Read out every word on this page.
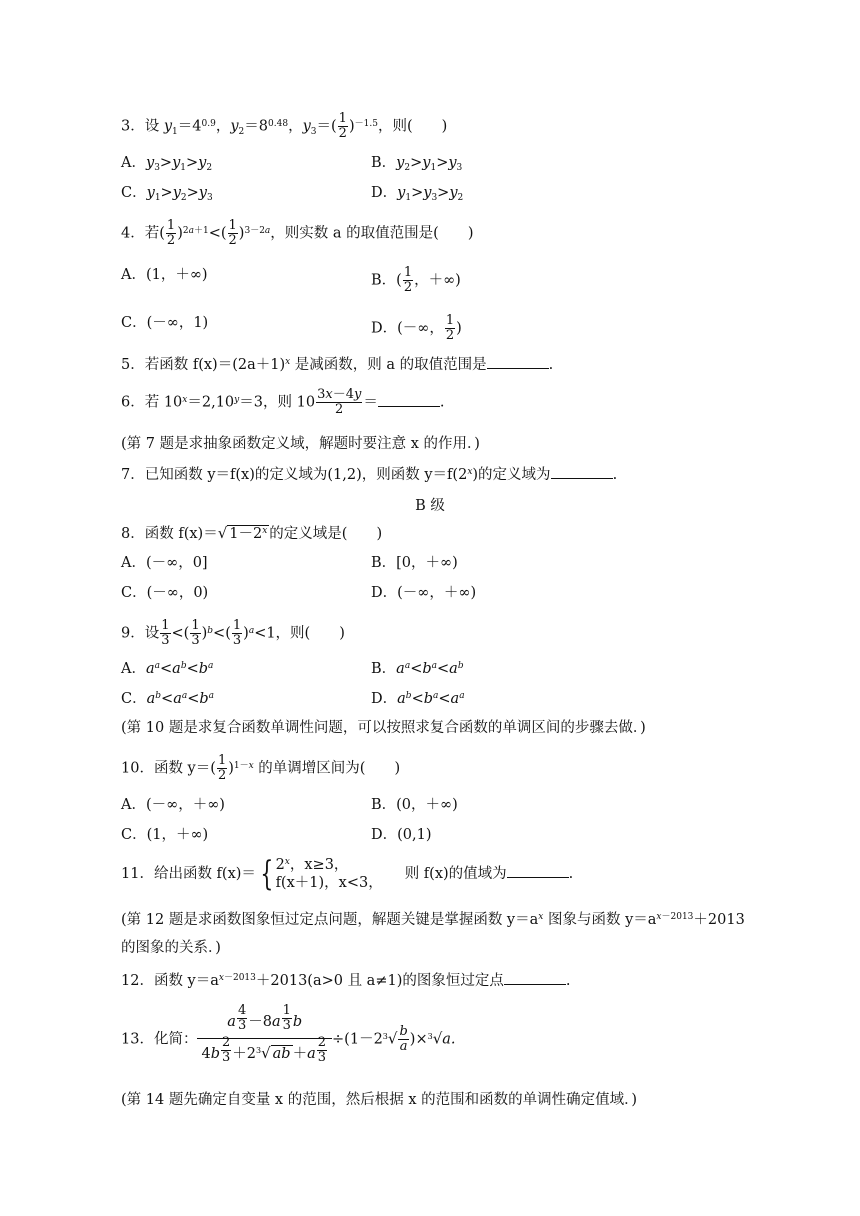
3．设 $y_1=4^{0.9}$，$y_2=8^{0.48}$，$y_3=( \frac{1}{2} )^{-1.5}$，则(　　)
A．$y_3>y_1>y_2$	B．$y_2>y_1>y_3$
C．$y_1>y_2>y_3$	D．$y_1>y_3>y_2$
4．若( $\frac{1}{2} )^{2a+1}<( \frac{1}{2} )^{3-2a}$，则实数 a 的取值范围是(　　)
A．(1，＋∞)	B．( $\frac{1}{2}$ ，＋∞)
C．(－∞，1)	D．(－∞， $\frac{1}{2}$ )
5．若函数 $f(x)=(2a+1)^x$ 是减函数，则 a 的取值范围是	.
6．若 $10^x=2,10^y=3$，则 $10 \frac{3x-4y}{2}$ ＝	.
(第 7 题是求抽象函数定义域，解题时要注意 x 的作用．)
7．已知函数 y＝f(x)的定义域为(1,2)，则函数 $y=f(2^x)$的定义域为	.
B 级
8．函数 f(x)＝√ $1-2^x$ 的定义域是(　　)
A．(－∞，0]	B．[0，＋∞)
C．(－∞，0)	D．(－∞，＋∞)
9．设 $\frac{1}{3}$ <( $\frac{1}{3} )^b<( \frac{1}{3} )^a<1$，则(　　)
A．$a^a<a^b<b^a$	B．$a^a<b^a<a^b$
C．$a^b<a^a<b^a$	D．$a^b<b^a<a^a$
(第 10 题是求复合函数单调性问题，可以按照求复合函数的单调区间的步骤去做．)
10．函数 $y=( \frac{1}{2} )^{1-x}$ 的单调增区间为(　　)
A．(－∞，＋∞)	B．(0，＋∞)
C．(1，＋∞)	D．(0,1)
11．给出函数 f(x)＝ { 2$^x$，x≥3，
f(x＋1)，x<3，
则 f(x)的值域为	.
(第 12 题是求函数图象恒过定点问题，解题关键是掌握函数 $y=a^x$ 图象与函数 $y=a^{x-2013}+2013$
的图象的关系．)
12．函数 $y=a^{x-2013}+2013(a>0$ 且 a≠1)的图象恒过定点	.
13．化简： a $^{\frac{4}{3}}$ －8a $^{\frac{1}{3}}$ b
4b $^{\frac{2}{3}} +2^3√$ ab ＋a $^{\frac{2}{3}} \div(1-2^3√ \frac{b}{a} )\times^3√a$.
(第 14 题先确定自变量 x 的范围，然后根据 x 的范围和函数的单调性确定值域．)
